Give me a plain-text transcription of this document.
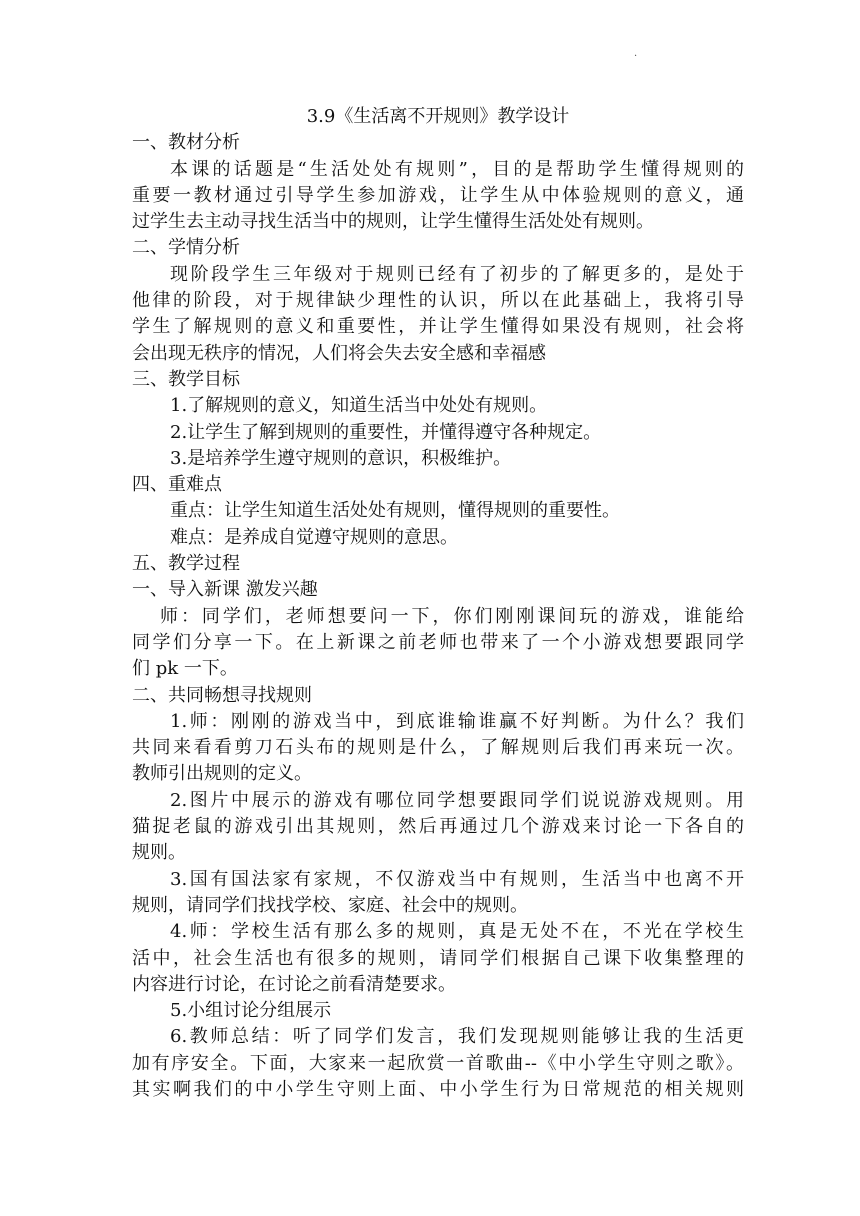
·
3.9《生活离不开规则》教学设计
一、教材分析
本课的话题是“生活处处有规则”，目的是帮助学生懂得规则的
重要一教材通过引导学生参加游戏，让学生从中体验规则的意义，通
过学生去主动寻找生活当中的规则，让学生懂得生活处处有规则。
二、学情分析
现阶段学生三年级对于规则已经有了初步的了解更多的，是处于
他律的阶段，对于规律缺少理性的认识，所以在此基础上，我将引导
学生了解规则的意义和重要性，并让学生懂得如果没有规则，社会将
会出现无秩序的情况，人们将会失去安全感和幸福感
三、教学目标
1.了解规则的意义，知道生活当中处处有规则。
2.让学生了解到规则的重要性，并懂得遵守各种规定。
3.是培养学生遵守规则的意识，积极维护。
四、重难点
重点：让学生知道生活处处有规则，懂得规则的重要性。
难点：是养成自觉遵守规则的意思。
五、教学过程
一、导入新课 激发兴趣
师：同学们，老师想要问一下，你们刚刚课间玩的游戏，谁能给
同学们分享一下。在上新课之前老师也带来了一个小游戏想要跟同学
们 pk 一下。
二、共同畅想寻找规则
1.师：刚刚的游戏当中，到底谁输谁赢不好判断。为什么？我们
共同来看看剪刀石头布的规则是什么，了解规则后我们再来玩一次。
教师引出规则的定义。
2.图片中展示的游戏有哪位同学想要跟同学们说说游戏规则。用
猫捉老鼠的游戏引出其规则，然后再通过几个游戏来讨论一下各自的
规则。
3.国有国法家有家规，不仅游戏当中有规则，生活当中也离不开
规则，请同学们找找学校、家庭、社会中的规则。
4.师：学校生活有那么多的规则，真是无处不在，不光在学校生
活中，社会生活也有很多的规则，请同学们根据自己课下收集整理的
内容进行讨论，在讨论之前看清楚要求。
5.小组讨论分组展示
6.教师总结：听了同学们发言，我们发现规则能够让我的生活更
加有序安全。下面，大家来一起欣赏一首歌曲--《中小学生守则之歌》。
其实啊我们的中小学生守则上面、中小学生行为日常规范的相关规则
